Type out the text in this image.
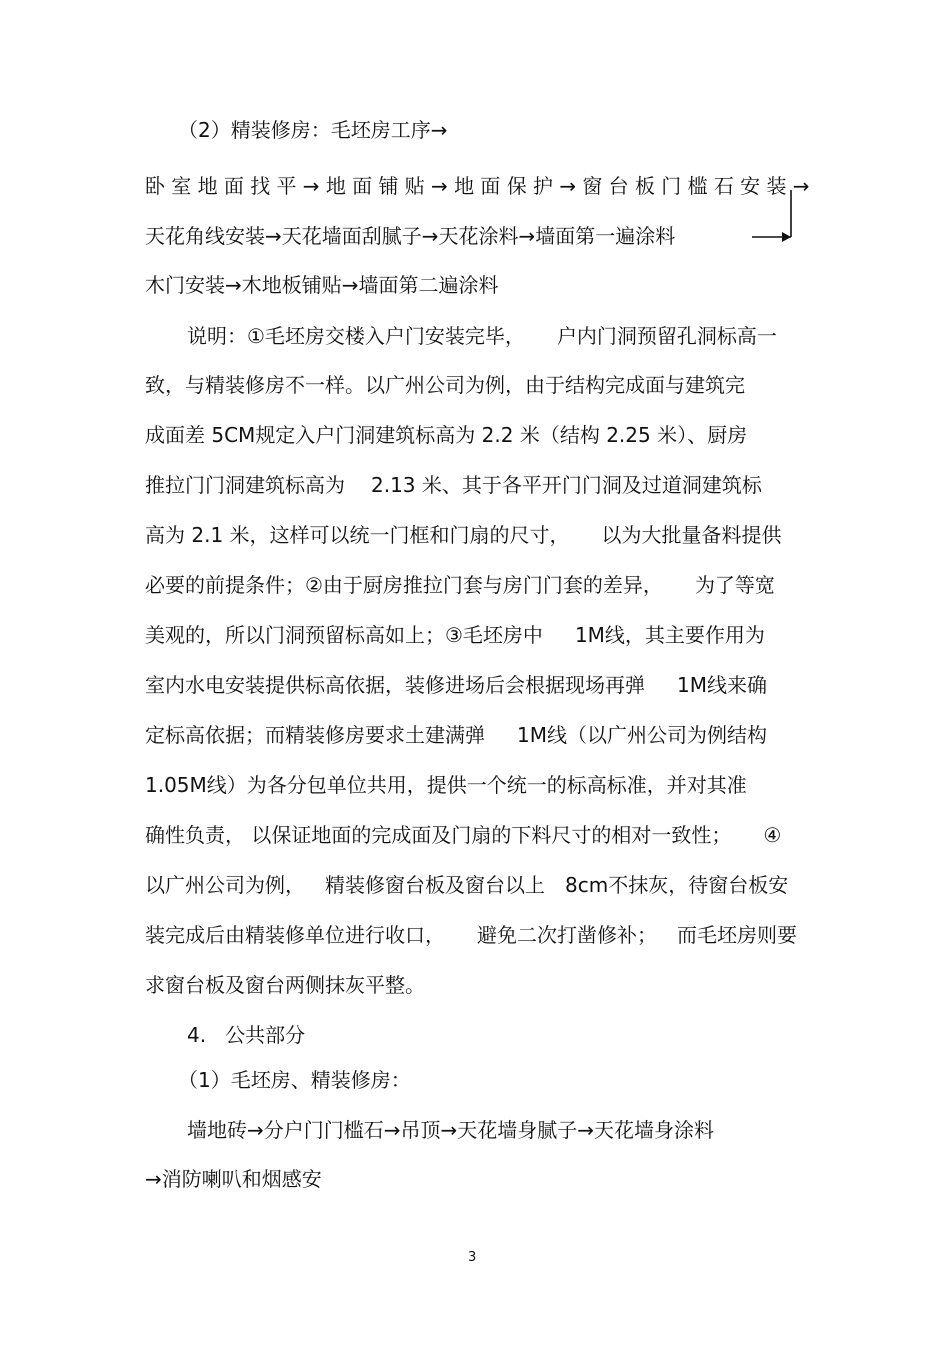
（2）精装修房：毛坯房工序→
卧室地面找平→地面铺贴→地面保护→窗台板门槛石安装→
天花角线安装→天花墙面刮腻子→天花涂料→墙面第一遍涂料
木门安装→木地板铺贴→墙面第二遍涂料
说明：①毛坯房交楼入户门安装完毕， 户内门洞预留孔洞标高一
致，与精装修房不一样。以广州公司为例，由于结构完成面与建筑完
成面差 5CM规定入户门洞建筑标高为 2.2 米（结构 2.25 米）、厨房
推拉门门洞建筑标高为 2.13 米、其于各平开门门洞及过道洞建筑标
高为 2.1 米，这样可以统一门框和门扇的尺寸， 以为大批量备料提供
必要的前提条件；②由于厨房推拉门套与房门门套的差异， 为了等宽
美观的，所以门洞预留标高如上；③毛坯房中 1M线，其主要作用为
室内水电安装提供标高依据，装修进场后会根据现场再弹 1M线来确
定标高依据；而精装修房要求土建满弹 1M线（以广州公司为例结构
1.05M线）为各分包单位共用，提供一个统一的标高标准，并对其准
确性负责， 以保证地面的完成面及门扇的下料尺寸的相对一致性； ④
以广州公司为例， 精装修窗台板及窗台以上 8cm不抹灰，待窗台板安
装完成后由精装修单位进行收口， 避免二次打凿修补； 而毛坯房则要
求窗台板及窗台两侧抹灰平整。
4.   公共部分
（1）毛坯房、精装修房：
墙地砖→分户门门槛石→吊顶→天花墙身腻子→天花墙身涂料
→消防喇叭和烟感安
3
